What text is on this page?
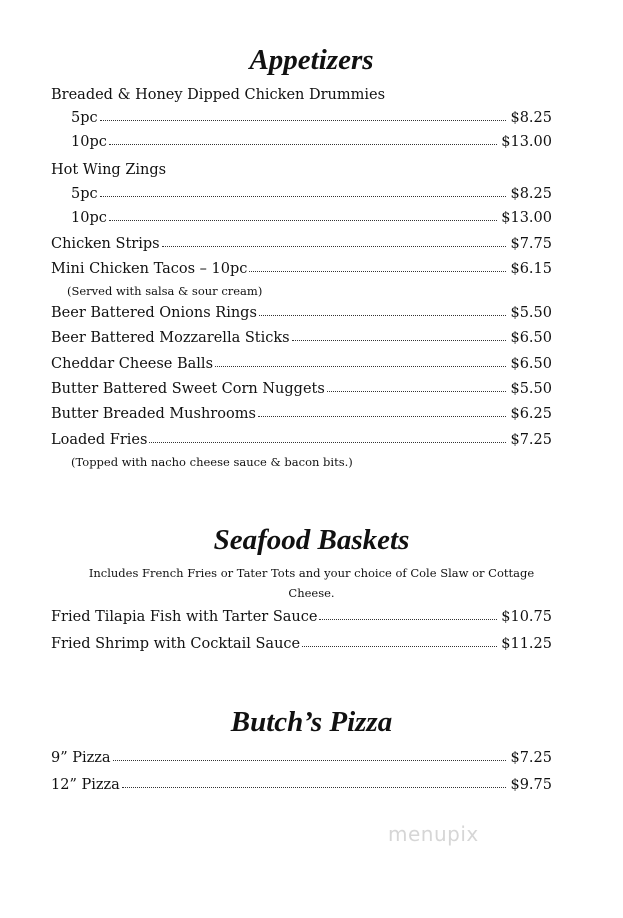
Appetizers
Breaded & Honey Dipped Chicken Drummies
5pc	$8.25
10pc	$13.00
Hot Wing Zings
5pc	$8.25
10pc	$13.00
Chicken Strips	$7.75
Mini Chicken Tacos – 10pc	$6.15
(Served with salsa & sour cream)
Beer Battered Onions Rings	$5.50
Beer Battered Mozzarella Sticks	$6.50
Cheddar Cheese Balls	$6.50
Butter Battered Sweet Corn Nuggets	$5.50
Butter Breaded Mushrooms	$6.25
Loaded Fries	$7.25
(Topped with nacho cheese sauce & bacon bits.)
Seafood Baskets
Includes French Fries or Tater Tots and your choice of Cole Slaw or Cottage
Cheese.
Fried Tilapia Fish with Tarter Sauce	$10.75
Fried Shrimp with Cocktail Sauce	$11.25
Butch’s Pizza
9” Pizza	$7.25
12” Pizza	$9.75
menupix
